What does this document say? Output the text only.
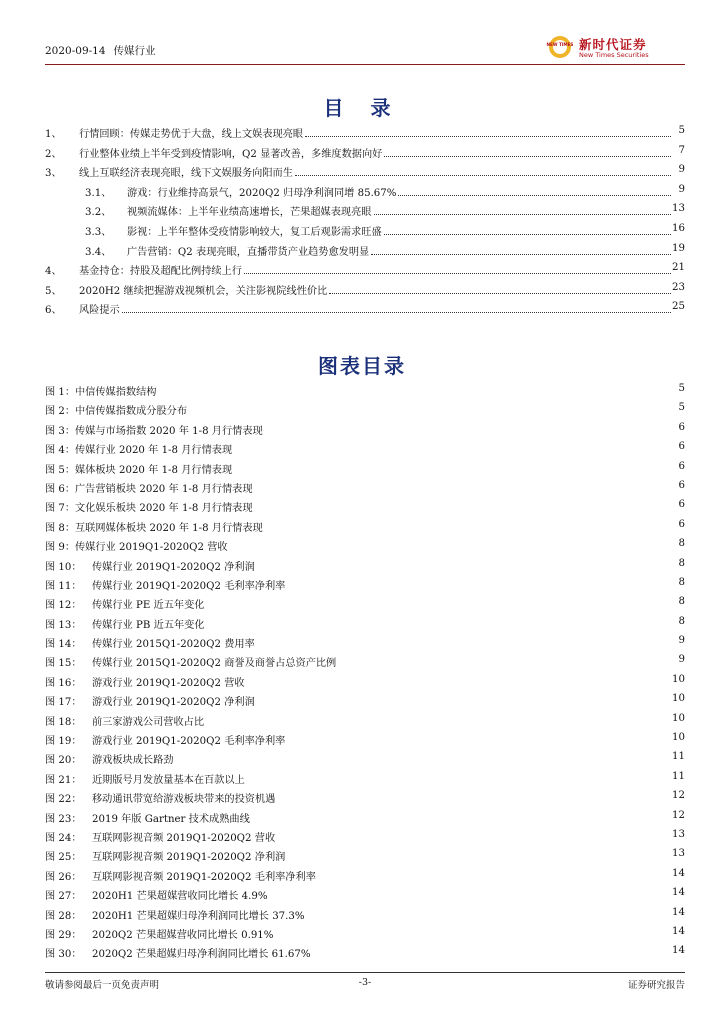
2020-09-14 传媒行业
NEW TIMES 新时代证券
New Times Securities
目 录
1、 行情回顾：传媒走势优于大盘，线上文娱表现亮眼	5
2、 行业整体业绩上半年受到疫情影响，Q2 显著改善，多维度数据向好	7
3、 线上互联经济表现亮眼，线下文娱服务向阳而生	9
3.1、 游戏：行业维持高景气，2020Q2 归母净利润同增 85.67%	9
3.2、 视频流媒体：上半年业绩高速增长，芒果超媒表现亮眼	13
3.3、 影视：上半年整体受疫情影响较大，复工后观影需求旺盛	16
3.4、 广告营销：Q2 表现亮眼，直播带货产业趋势愈发明显	19
4、 基金持仓：持股及超配比例持续上行	21
5、 2020H2 继续把握游戏视频机会，关注影视院线性价比	23
6、 风险提示	25
图表目录
图 1： 中信传媒指数结构	5
图 2： 中信传媒指数成分股分布	5
图 3： 传媒与市场指数 2020 年 1-8 月行情表现	6
图 4： 传媒行业 2020 年 1-8 月行情表现	6
图 5： 媒体板块 2020 年 1-8 月行情表现	6
图 6： 广告营销板块 2020 年 1-8 月行情表现	6
图 7： 文化娱乐板块 2020 年 1-8 月行情表现	6
图 8： 互联网媒体板块 2020 年 1-8 月行情表现	6
图 9： 传媒行业 2019Q1-2020Q2 营收	8
图 10： 传媒行业 2019Q1-2020Q2 净利润	8
图 11： 传媒行业 2019Q1-2020Q2 毛利率净利率	8
图 12： 传媒行业 PE 近五年变化	8
图 13： 传媒行业 PB 近五年变化	8
图 14： 传媒行业 2015Q1-2020Q2 费用率	9
图 15： 传媒行业 2015Q1-2020Q2 商誉及商誉占总资产比例	9
图 16： 游戏行业 2019Q1-2020Q2 营收	10
图 17： 游戏行业 2019Q1-2020Q2 净利润	10
图 18： 前三家游戏公司营收占比	10
图 19： 游戏行业 2019Q1-2020Q2 毛利率净利率	10
图 20： 游戏板块成长路劲	11
图 21： 近期版号月发放量基本在百款以上	11
图 22： 移动通讯带宽给游戏板块带来的投资机遇	12
图 23： 2019 年版 Gartner 技术成熟曲线	12
图 24： 互联网影视音频 2019Q1-2020Q2 营收	13
图 25： 互联网影视音频 2019Q1-2020Q2 净利润	13
图 26： 互联网影视音频 2019Q1-2020Q2 毛利率净利率	14
图 27： 2020H1 芒果超媒营收同比增长 4.9%	14
图 28： 2020H1 芒果超媒归母净利润同比增长 37.3%	14
图 29： 2020Q2 芒果超媒营收同比增长 0.91%	14
图 30： 2020Q2 芒果超媒归母净利润同比增长 61.67%	14
敬请参阅最后一页免责声明	-3-	证券研究报告
